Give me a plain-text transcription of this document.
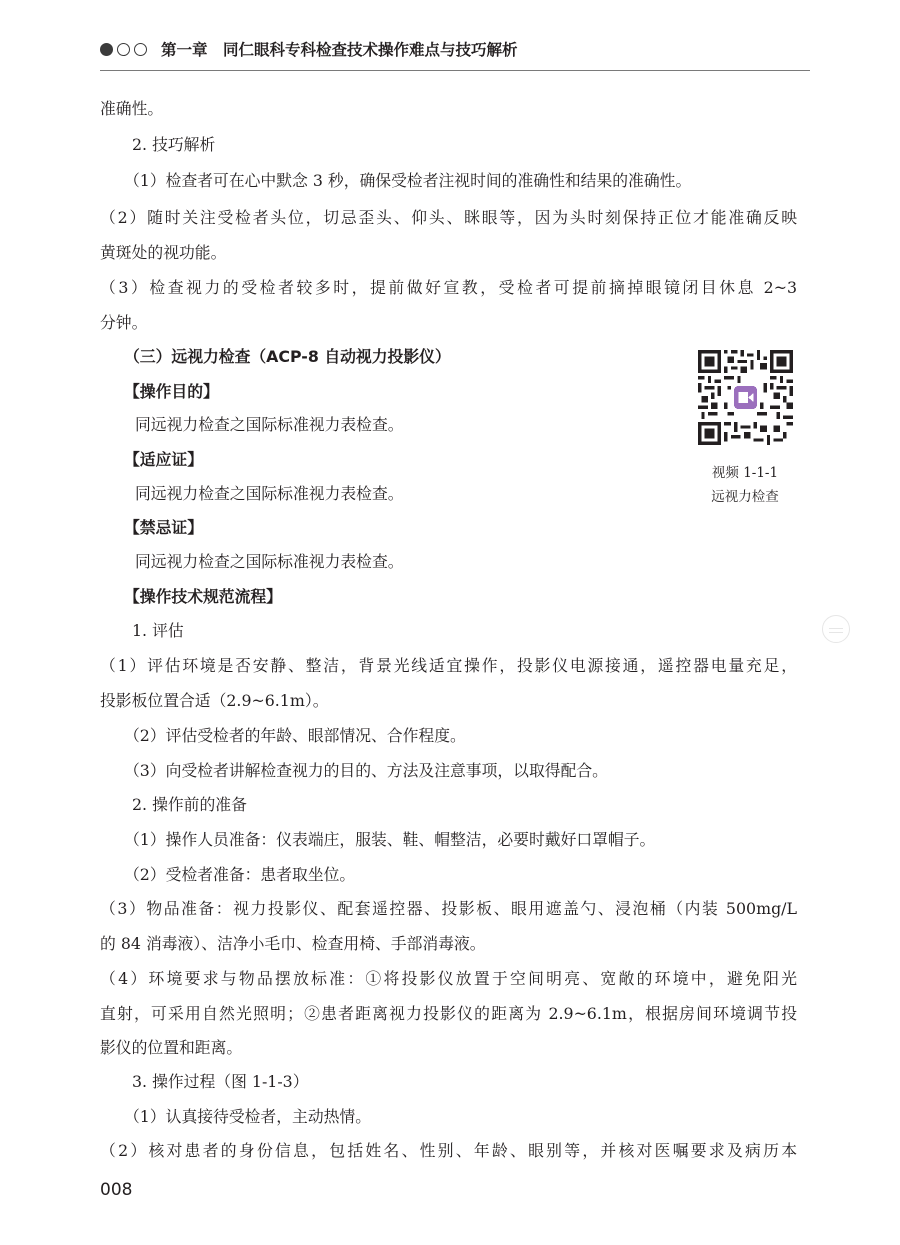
第一章　 同仁眼科专科检查技术操作难点与技巧解析
准确性。
2. 技巧解析
（1）检查者可在心中默念 3 秒，确保受检者注视时间的准确性和结果的准确性。
（2）随时关注受检者头位，切忌歪头、仰头、眯眼等，因为头时刻保持正位才能准确反映
黄斑处的视功能。
（3）检查视力的受检者较多时，提前做好宣教，受检者可提前摘掉眼镜闭目休息 2~3
分钟。
（三）远视力检查（ACP-8 自动视力投影仪）
【操作目的】
同远视力检查之国际标准视力表检查。
【适应证】
同远视力检查之国际标准视力表检查。
【禁忌证】
同远视力检查之国际标准视力表检查。
【操作技术规范流程】
1. 评估
（1）评估环境是否安静、整洁，背景光线适宜操作，投影仪电源接通，遥控器电量充足，
投影板位置合适（2.9~6.1m）。
（2）评估受检者的年龄、眼部情况、合作程度。
（3）向受检者讲解检查视力的目的、方法及注意事项，以取得配合。
2. 操作前的准备
（1）操作人员准备：仪表端庄，服装、鞋、帽整洁，必要时戴好口罩帽子。
（2）受检者准备：患者取坐位。
（3）物品准备：视力投影仪、配套遥控器、投影板、眼用遮盖勺、浸泡桶（内装 500mg/L
的 84 消毒液）、洁净小毛巾、检查用椅、手部消毒液。
（4）环境要求与物品摆放标准：①将投影仪放置于空间明亮、宽敞的环境中，避免阳光
直射，可采用自然光照明；②患者距离视力投影仪的距离为 2.9~6.1m，根据房间环境调节投
影仪的位置和距离。
3. 操作过程（图 1-1-3）
（1）认真接待受检者，主动热情。
（2）核对患者的身份信息，包括姓名、性别、年龄、眼别等，并核对医嘱要求及病历本
视频 1-1-1
远视力检查
008
